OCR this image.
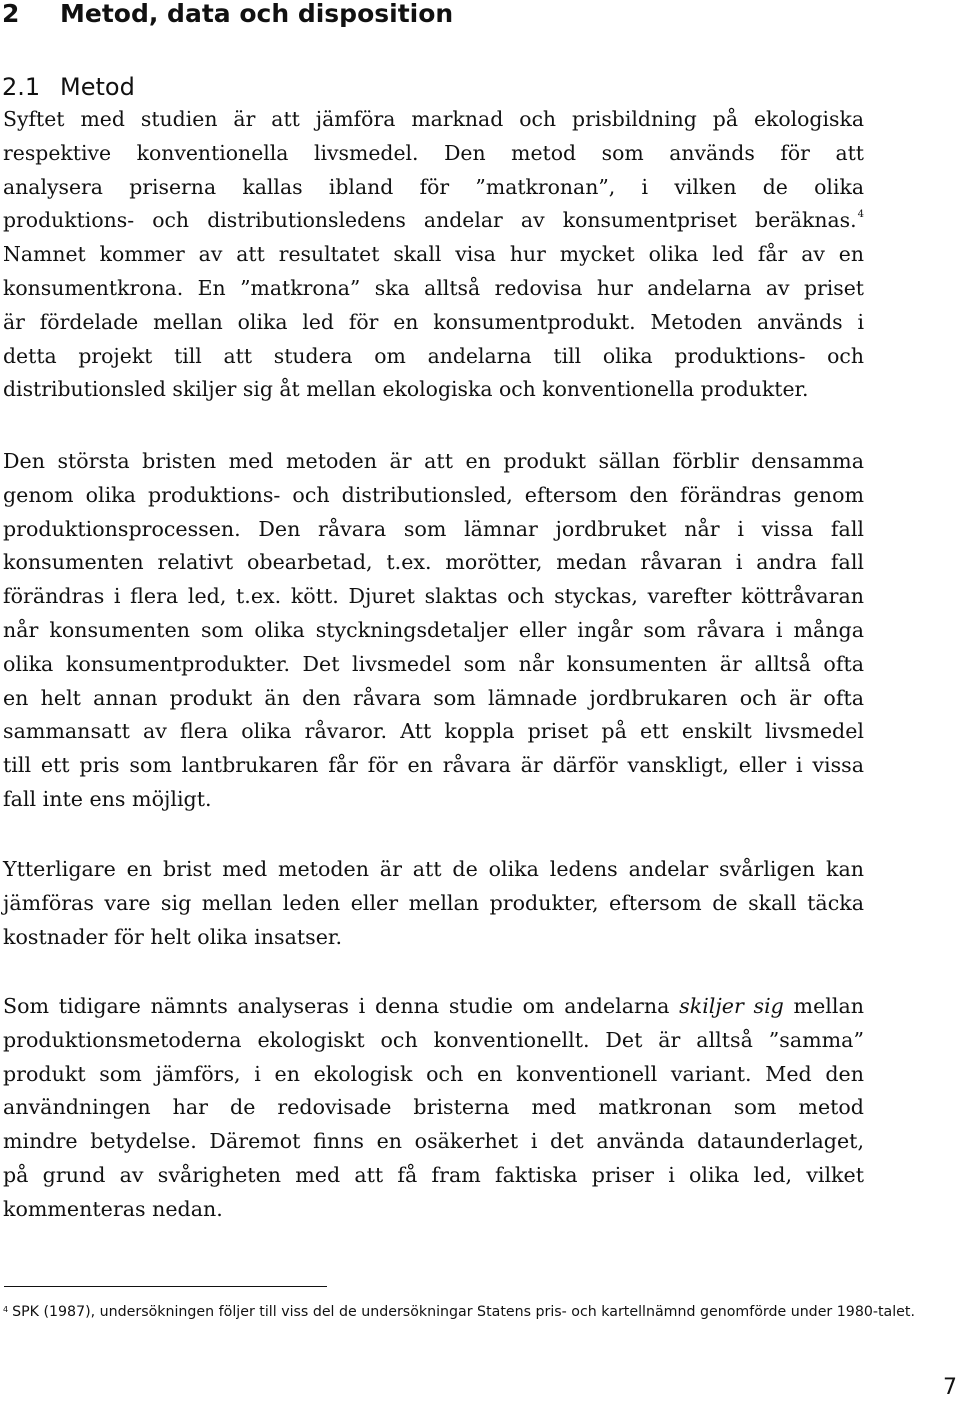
2 Metod, data och disposition
2.1 Metod
Syftet med studien är att jämföra marknad och prisbildning på ekologiska
respektive konventionella livsmedel. Den metod som används för att
analysera priserna kallas ibland för ”matkronan”, i vilken de olika
produktions- och distributionsledens andelar av konsumentpriset beräknas.$^4$
Namnet kommer av att resultatet skall visa hur mycket olika led får av en
konsumentkrona. En ”matkrona” ska alltså redovisa hur andelarna av priset
är fördelade mellan olika led för en konsumentprodukt. Metoden används i
detta projekt till att studera om andelarna till olika produktions- och
distributionsled skiljer sig åt mellan ekologiska och konventionella produkter.
Den största bristen med metoden är att en produkt sällan förblir densamma
genom olika produktions- och distributionsled, eftersom den förändras genom
produktionsprocessen. Den råvara som lämnar jordbruket når i vissa fall
konsumenten relativt obearbetad, t.ex. morötter, medan råvaran i andra fall
förändras i flera led, t.ex. kött. Djuret slaktas och styckas, varefter köttråvaran
når konsumenten som olika styckningsdetaljer eller ingår som råvara i många
olika konsumentprodukter. Det livsmedel som når konsumenten är alltså ofta
en helt annan produkt än den råvara som lämnade jordbrukaren och är ofta
sammansatt av flera olika råvaror. Att koppla priset på ett enskilt livsmedel
till ett pris som lantbrukaren får för en råvara är därför vanskligt, eller i vissa
fall inte ens möjligt.
Ytterligare en brist med metoden är att de olika ledens andelar svårligen kan
jämföras vare sig mellan leden eller mellan produkter, eftersom de skall täcka
kostnader för helt olika insatser.
Som tidigare nämnts analyseras i denna studie om andelarna skiljer sig mellan
produktionsmetoderna ekologiskt och konventionellt. Det är alltså ”samma”
produkt som jämförs, i en ekologisk och en konventionell variant. Med den
användningen har de redovisade bristerna med matkronan som metod
mindre betydelse. Däremot finns en osäkerhet i det använda dataunderlaget,
på grund av svårigheten med att få fram faktiska priser i olika led, vilket
kommenteras nedan.

$^4$ SPK (1987), undersökningen följer till viss del de undersökningar Statens pris- och kartellnämnd genomförde under 1980-talet.

7
